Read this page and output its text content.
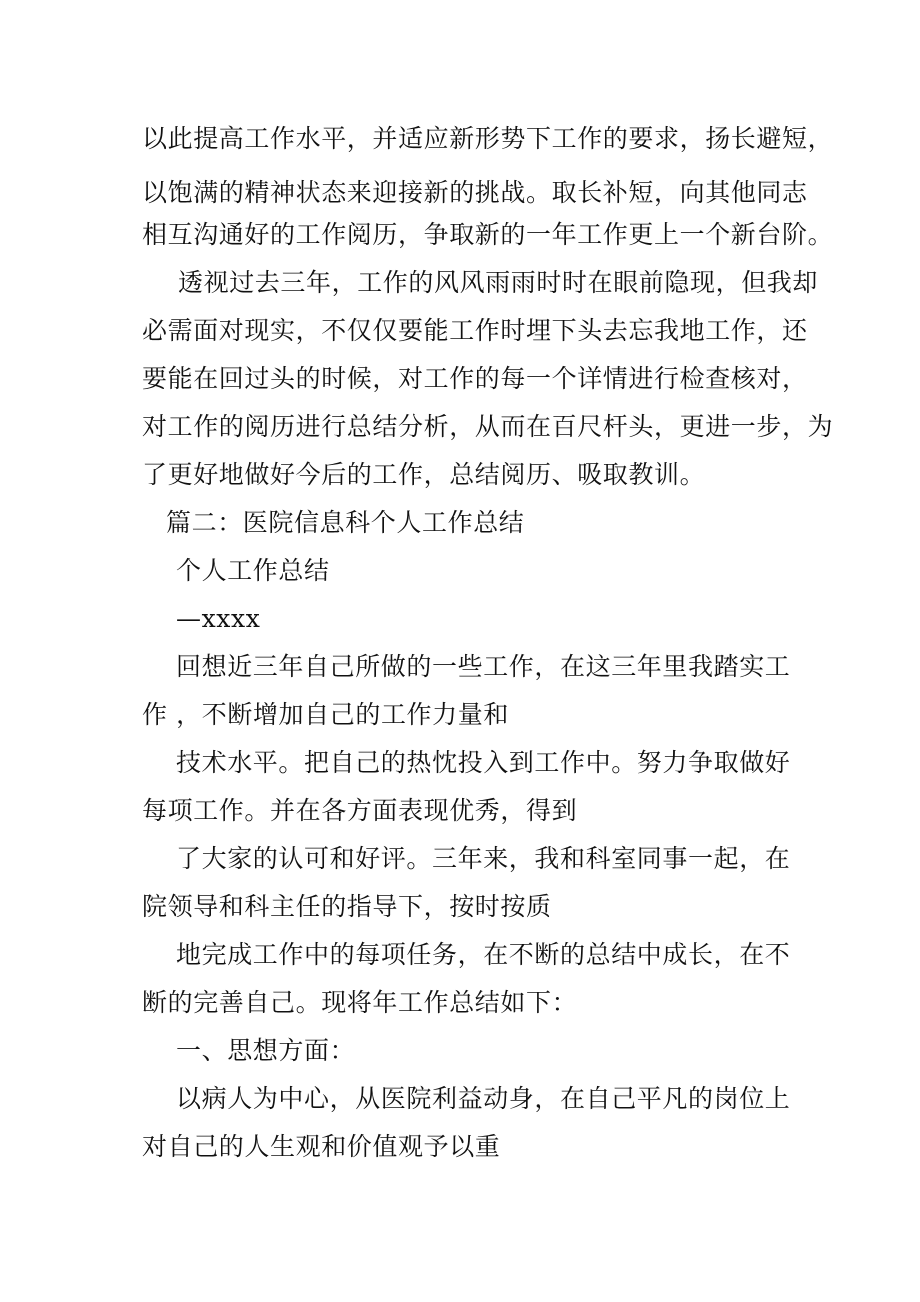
以此提高工作水平，并适应新形势下工作的要求，扬长避短，
以饱满的精神状态来迎接新的挑战。取长补短，向其他同志
相互沟通好的工作阅历，争取新的一年工作更上一个新台阶。
透视过去三年，工作的风风雨雨时时在眼前隐现，但我却
必需面对现实，不仅仅要能工作时埋下头去忘我地工作，还
要能在回过头的时候，对工作的每一个详情进行检查核对，
对工作的阅历进行总结分析，从而在百尺杆头，更进一步，为
了更好地做好今后的工作，总结阅历、吸取教训。
篇二：医院信息科个人工作总结
个人工作总结
—xxxx
回想近三年自己所做的一些工作，在这三年里我踏实工
作 ，不断增加自己的工作力量和
技术水平。把自己的热忱投入到工作中。努力争取做好
每项工作。并在各方面表现优秀，得到
了大家的认可和好评。三年来，我和科室同事一起，在
院领导和科主任的指导下，按时按质
地完成工作中的每项任务，在不断的总结中成长，在不
断的完善自己。现将年工作总结如下：
一、思想方面：
以病人为中心，从医院利益动身，在自己平凡的岗位上
对自己的人生观和价值观予以重
